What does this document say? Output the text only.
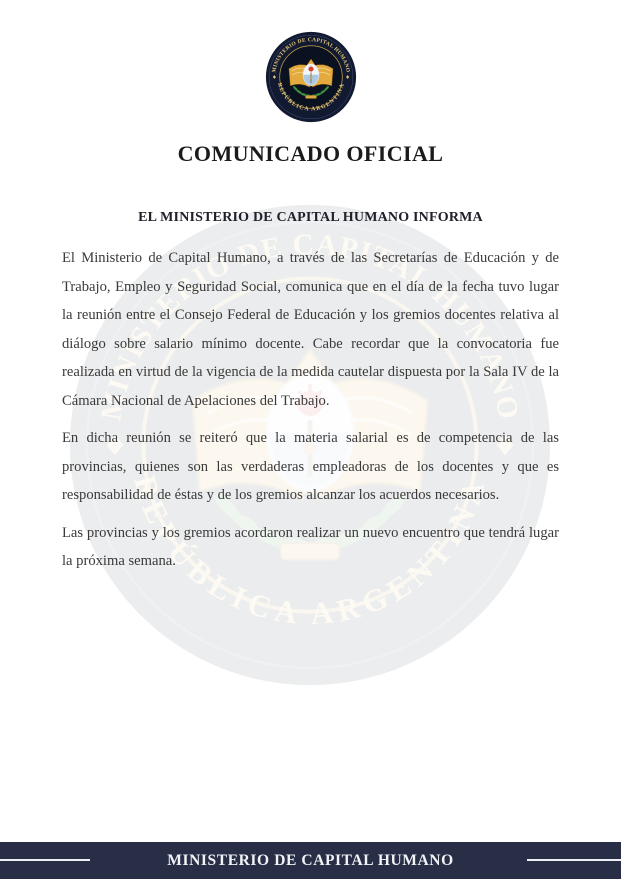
COMUNICADO OFICIAL
EL MINISTERIO DE CAPITAL HUMANO INFORMA

El Ministerio de Capital Humano, a través de las Secretarías de Educación y de Trabajo, Empleo y Seguridad Social, comunica que en el día de la fecha tuvo lugar la reunión entre el Consejo Federal de Educación y los gremios docentes relativa al diálogo sobre salario mínimo docente. Cabe recordar que la convocatoria fue realizada en virtud de la vigencia de la medida cautelar dispuesta por la Sala IV de la Cámara Nacional de Apelaciones del Trabajo.

En dicha reunión se reiteró que la materia salarial es de competencia de las provincias, quienes son las verdaderas empleadoras de los docentes y que es responsabilidad de éstas y de los gremios alcanzar los acuerdos necesarios.

Las provincias y los gremios acordaron realizar un nuevo encuentro que tendrá lugar la próxima semana.

MINISTERIO DE CAPITAL HUMANO
